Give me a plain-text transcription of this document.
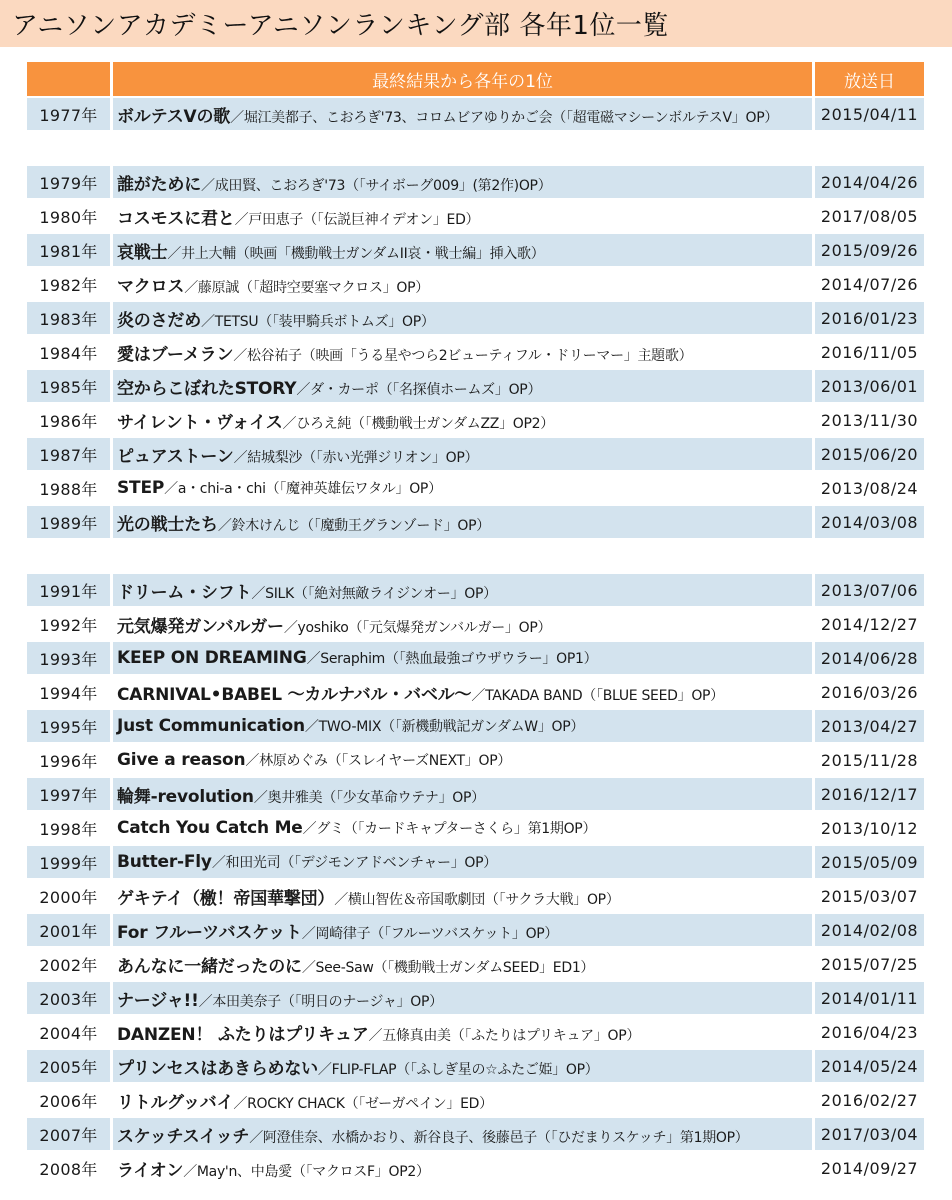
アニソンアカデミーアニソンランキング部 各年1位一覧
	最終結果から各年の1位	放送日
1977年	ボルテスVの歌／堀江美都子、こおろぎ'73、コロムビアゆりかご会（「超電磁マシーンボルテスV」OP）	2015/04/11

1979年	誰がために／成田賢、こおろぎ'73（「サイボーグ009」(第2作)OP）	2014/04/26
1980年	コスモスに君と／戸田恵子（「伝説巨神イデオン」ED）	2017/08/05
1981年	哀戦士／井上大輔（映画「機動戦士ガンダムII哀・戦士編」挿入歌）	2015/09/26
1982年	マクロス／藤原誠（「超時空要塞マクロス」OP）	2014/07/26
1983年	炎のさだめ／TETSU（「装甲騎兵ボトムズ」OP）	2016/01/23
1984年	愛はブーメラン／松谷祐子（映画「うる星やつら2ビューティフル・ドリーマー」主題歌）	2016/11/05
1985年	空からこぼれたSTORY／ダ・カーポ（「名探偵ホームズ」OP）	2013/06/01
1986年	サイレント・ヴォイス／ひろえ純（「機動戦士ガンダムZZ」OP2）	2013/11/30
1987年	ピュアストーン／結城梨沙（「赤い光弾ジリオン」OP）	2015/06/20
1988年	STEP／a・chi-a・chi（「魔神英雄伝ワタル」OP）	2013/08/24
1989年	光の戦士たち／鈴木けんじ（「魔動王グランゾード」OP）	2014/03/08

1991年	ドリーム・シフト／SILK（「絶対無敵ライジンオー」OP）	2013/07/06
1992年	元気爆発ガンバルガー／yoshiko（「元気爆発ガンバルガー」OP）	2014/12/27
1993年	KEEP ON DREAMING／Seraphim（「熱血最強ゴウザウラー」OP1）	2014/06/28
1994年	CARNIVAL•BABEL ～カルナバル・バベル～／TAKADA BAND（「BLUE SEED」OP）	2016/03/26
1995年	Just Communication／TWO-MIX（「新機動戦記ガンダムW」OP）	2013/04/27
1996年	Give a reason／林原めぐみ（「スレイヤーズNEXT」OP）	2015/11/28
1997年	輪舞-revolution／奥井雅美（「少女革命ウテナ」OP）	2016/12/17
1998年	Catch You Catch Me／グミ（「カードキャプターさくら」第1期OP）	2013/10/12
1999年	Butter-Fly／和田光司（「デジモンアドベンチャー」OP）	2015/05/09
2000年	ゲキテイ（檄！帝国華撃団）／横山智佐＆帝国歌劇団（「サクラ大戦」OP）	2015/03/07
2001年	For フルーツバスケット／岡崎律子（「フルーツバスケット」OP）	2014/02/08
2002年	あんなに一緒だったのに／See-Saw（「機動戦士ガンダムSEED」ED1）	2015/07/25
2003年	ナージャ!!／本田美奈子（「明日のナージャ」OP）	2014/01/11
2004年	DANZEN！ ふたりはプリキュア／五條真由美（「ふたりはプリキュア」OP）	2016/04/23
2005年	プリンセスはあきらめない／FLIP-FLAP（「ふしぎ星の☆ふたご姫」OP）	2014/05/24
2006年	リトルグッバイ／ROCKY CHACK（「ゼーガペイン」ED）	2016/02/27
2007年	スケッチスイッチ／阿澄佳奈、水橋かおり、新谷良子、後藤邑子（「ひだまりスケッチ」第1期OP）	2017/03/04
2008年	ライオン／May'n、中島愛（「マクロスF」OP2）	2014/09/27
